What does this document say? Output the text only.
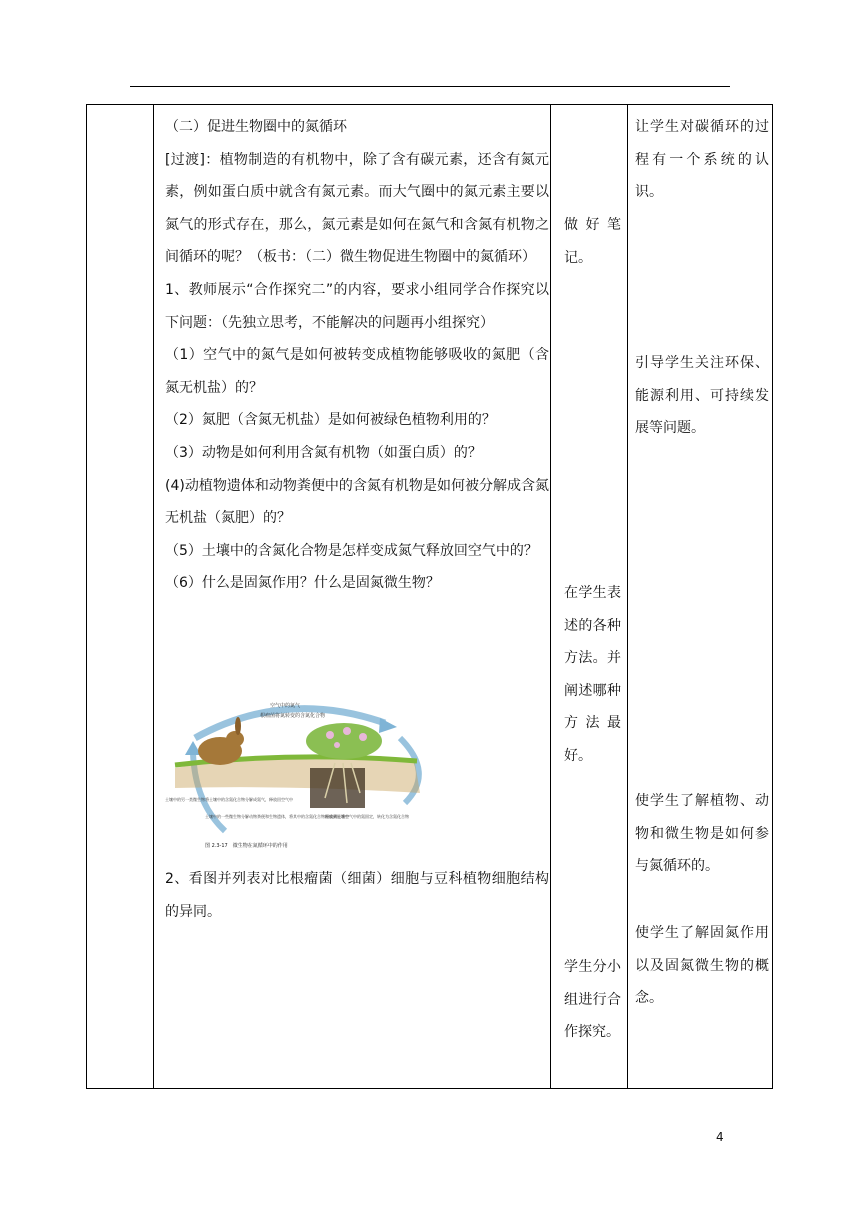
（二）促进生物圈中的氮循环

[过渡]：植物制造的有机物中，除了含有碳元素，还含有氮元素，例如蛋白质中就含有氮元素。而大气圈中的氮元素主要以氮气的形式存在，那么，氮元素是如何在氮气和含氮有机物之间循环的呢？（板书：（二）微生物促进生物圈中的氮循环）

1、教师展示“合作探究二”的内容，要求小组同学合作探究以下问题：（先独立思考，不能解决的问题再小组探究）

（1）空气中的氮气是如何被转变成植物能够吸收的氮肥（含氮无机盐）的？

（2）氮肥（含氮无机盐）是如何被绿色植物利用的？

（3）动物是如何利用含氮有机物（如蛋白质）的？

(4)动植物遗体和动物粪便中的含氮有机物是如何被分解成含氮无机盐（氮肥）的？

（5）土壤中的含氮化合物是怎样变成氮气释放回空气中的？

（6）什么是固氮作用？什么是固氮微生物？

空气中的氮气
根瘤菌将氮转变的含氮化合物
土壤中的另一类微生物将土壤中的含氮化合物分解成氮气，释放回空气中
土壤中的一些微生物分解动物粪便和生物遗体，将其中的含氮化合物释放到土壤中
根瘤菌能将空气中的氮固定，转化为含氮化合物
图 2.3-17　微生物在氮循环中的作用

2、看图并列表对比根瘤菌（细菌）细胞与豆科植物细胞结构的异同。

做好笔记。

在学生表述的各种方法。并阐述哪种方法最好。

学生分小组进行合作探究。

让学生对碳循环的过程有一个系统的认识。

引导学生关注环保、能源利用、可持续发展等问题。

使学生了解植物、动物和微生物是如何参与氮循环的。

使学生了解固氮作用以及固氮微生物的概念。

4
